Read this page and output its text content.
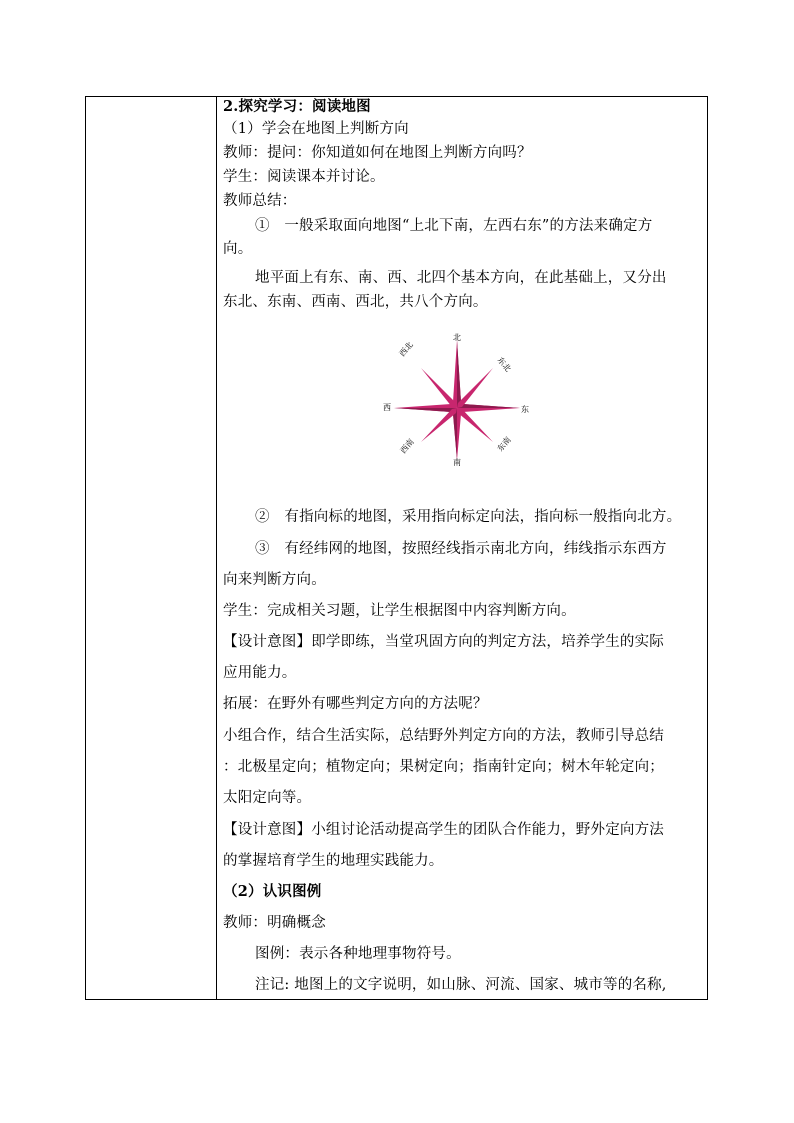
2.探究学习：阅读地图
（1）学会在地图上判断方向
教师：提问：你知道如何在地图上判断方向吗？
学生：阅读课本并讨论。
教师总结：
①　一般采取面向地图“上北下南，左西右东”的方法来确定方
向。
地平面上有东、南、西、北四个基本方向，在此基础上，又分出
东北、东南、西南、西北，共八个方向。
北
南
东
西
东北
西北
东南
西南
②　有指向标的地图，采用指向标定向法，指向标一般指向北方。
③　有经纬网的地图，按照经线指示南北方向，纬线指示东西方
向来判断方向。
学生：完成相关习题，让学生根据图中内容判断方向。
【设计意图】即学即练，当堂巩固方向的判定方法，培养学生的实际
应用能力。
拓展：在野外有哪些判定方向的方法呢？
小组合作，结合生活实际，总结野外判定方向的方法，教师引导总结
：北极星定向；植物定向；果树定向；指南针定向；树木年轮定向；
太阳定向等。
【设计意图】小组讨论活动提高学生的团队合作能力，野外定向方法
的掌握培育学生的地理实践能力。
（2）认识图例
教师：明确概念
图例：表示各种地理事物符号。
注记: 地图上的文字说明，如山脉、河流、国家、城市等的名称,
